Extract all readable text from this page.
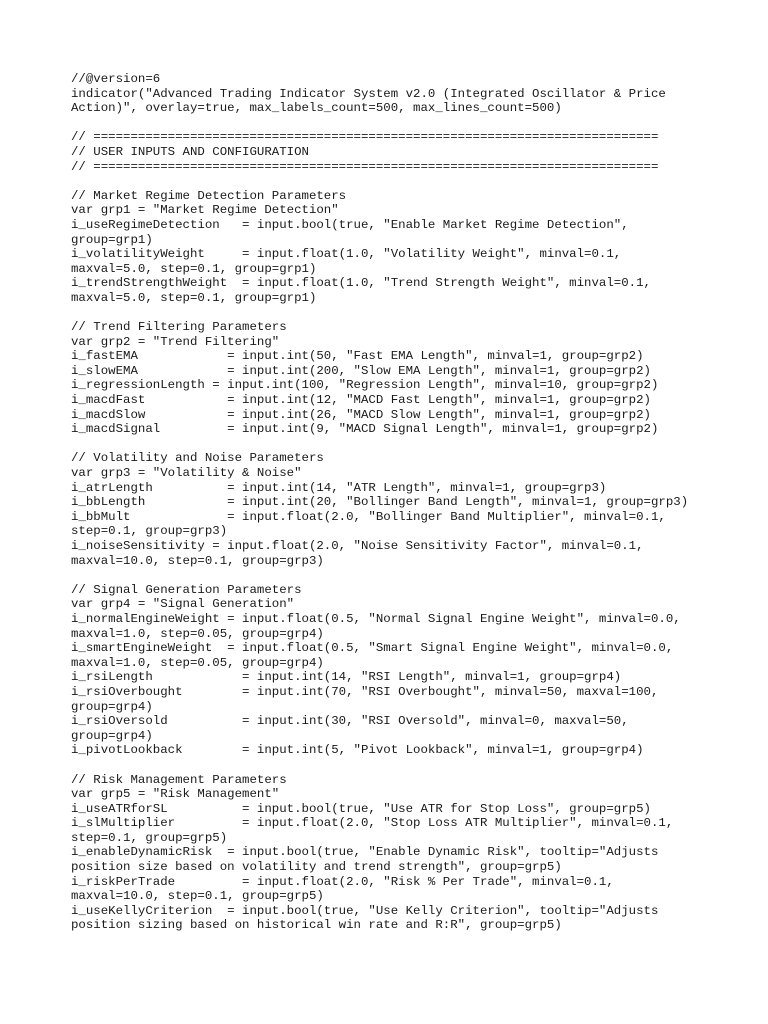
//@version=6
indicator("Advanced Trading Indicator System v2.0 (Integrated Oscillator & Price
Action)", overlay=true, max_labels_count=500, max_lines_count=500)
// ============================================================================
// USER INPUTS AND CONFIGURATION
// ============================================================================
// Market Regime Detection Parameters
var grp1 = "Market Regime Detection"
i_useRegimeDetection   = input.bool(true, "Enable Market Regime Detection",
group=grp1)
i_volatilityWeight     = input.float(1.0, "Volatility Weight", minval=0.1,
maxval=5.0, step=0.1, group=grp1)
i_trendStrengthWeight  = input.float(1.0, "Trend Strength Weight", minval=0.1,
maxval=5.0, step=0.1, group=grp1)
// Trend Filtering Parameters
var grp2 = "Trend Filtering"
i_fastEMA            = input.int(50, "Fast EMA Length", minval=1, group=grp2)
i_slowEMA            = input.int(200, "Slow EMA Length", minval=1, group=grp2)
i_regressionLength = input.int(100, "Regression Length", minval=10, group=grp2)
i_macdFast           = input.int(12, "MACD Fast Length", minval=1, group=grp2)
i_macdSlow           = input.int(26, "MACD Slow Length", minval=1, group=grp2)
i_macdSignal         = input.int(9, "MACD Signal Length", minval=1, group=grp2)
// Volatility and Noise Parameters
var grp3 = "Volatility & Noise"
i_atrLength          = input.int(14, "ATR Length", minval=1, group=grp3)
i_bbLength           = input.int(20, "Bollinger Band Length", minval=1, group=grp3)
i_bbMult             = input.float(2.0, "Bollinger Band Multiplier", minval=0.1,
step=0.1, group=grp3)
i_noiseSensitivity = input.float(2.0, "Noise Sensitivity Factor", minval=0.1,
maxval=10.0, step=0.1, group=grp3)
// Signal Generation Parameters
var grp4 = "Signal Generation"
i_normalEngineWeight = input.float(0.5, "Normal Signal Engine Weight", minval=0.0,
maxval=1.0, step=0.05, group=grp4)
i_smartEngineWeight  = input.float(0.5, "Smart Signal Engine Weight", minval=0.0,
maxval=1.0, step=0.05, group=grp4)
i_rsiLength            = input.int(14, "RSI Length", minval=1, group=grp4)
i_rsiOverbought        = input.int(70, "RSI Overbought", minval=50, maxval=100,
group=grp4)
i_rsiOversold          = input.int(30, "RSI Oversold", minval=0, maxval=50,
group=grp4)
i_pivotLookback        = input.int(5, "Pivot Lookback", minval=1, group=grp4)
// Risk Management Parameters
var grp5 = "Risk Management"
i_useATRforSL          = input.bool(true, "Use ATR for Stop Loss", group=grp5)
i_slMultiplier         = input.float(2.0, "Stop Loss ATR Multiplier", minval=0.1,
step=0.1, group=grp5)
i_enableDynamicRisk  = input.bool(true, "Enable Dynamic Risk", tooltip="Adjusts
position size based on volatility and trend strength", group=grp5)
i_riskPerTrade         = input.float(2.0, "Risk % Per Trade", minval=0.1,
maxval=10.0, step=0.1, group=grp5)
i_useKellyCriterion  = input.bool(true, "Use Kelly Criterion", tooltip="Adjusts
position sizing based on historical win rate and R:R", group=grp5)
